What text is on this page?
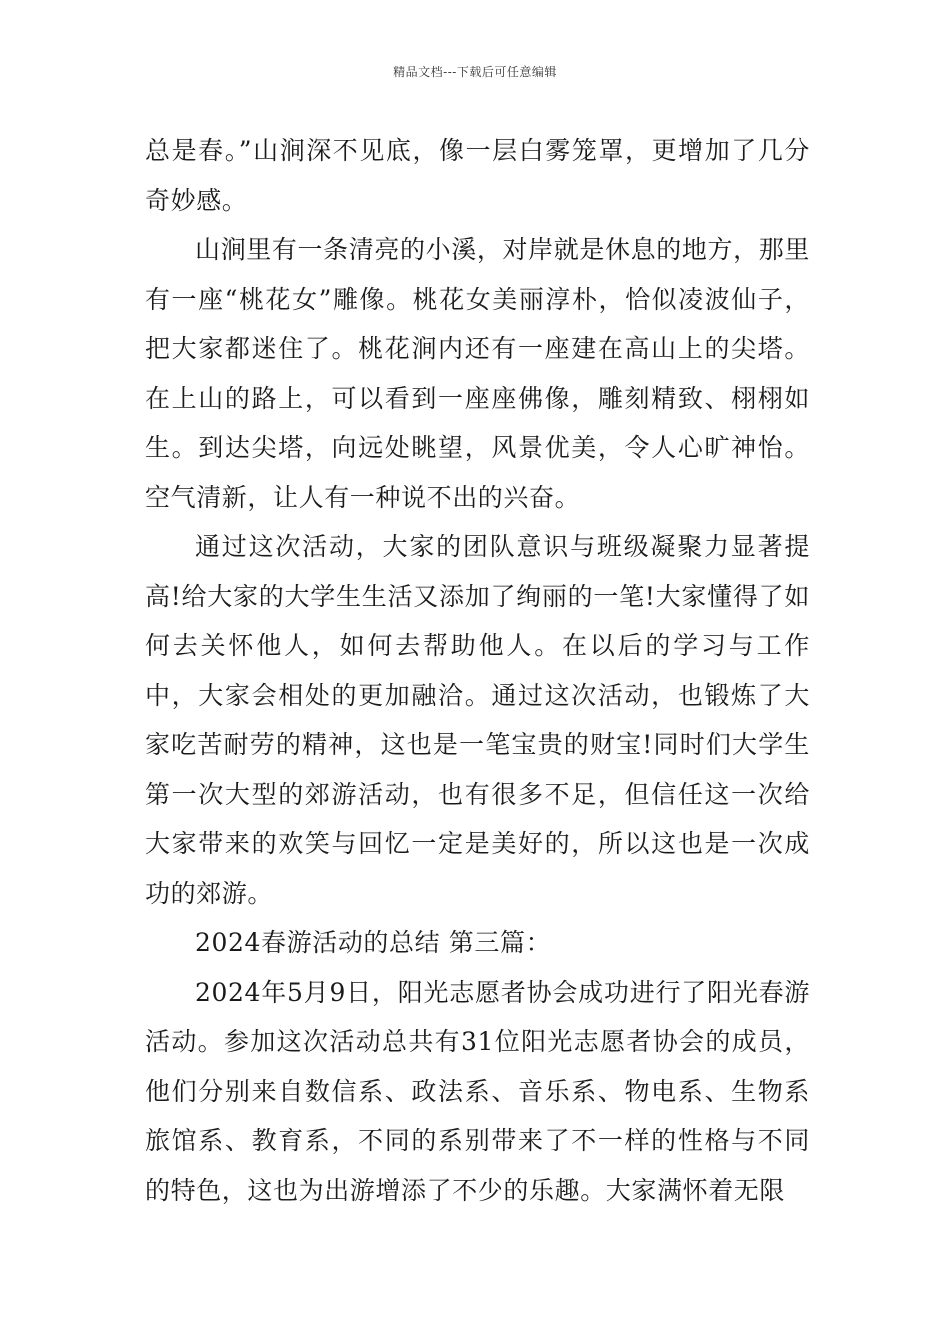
精品文档---下载后可任意编辑

总是春。”山涧深不见底，像一层白雾笼罩，更增加了几分奇妙感。

山涧里有一条清亮的小溪，对岸就是休息的地方，那里有一座“桃花女”雕像。桃花女美丽淳朴，恰似凌波仙子，把大家都迷住了。桃花涧内还有一座建在高山上的尖塔。在上山的路上，可以看到一座座佛像，雕刻精致、栩栩如生。到达尖塔，向远处眺望，风景优美，令人心旷神怡。空气清新，让人有一种说不出的兴奋。

通过这次活动，大家的团队意识与班级凝聚力显著提高!给大家的大学生生活又添加了绚丽的一笔!大家懂得了如何去关怀他人，如何去帮助他人。在以后的学习与工作中，大家会相处的更加融洽。通过这次活动，也锻炼了大家吃苦耐劳的精神，这也是一笔宝贵的财宝!同时们大学生第一次大型的郊游活动，也有很多不足，但信任这一次给大家带来的欢笑与回忆一定是美好的，所以这也是一次成功的郊游。

2024春游活动的总结 第三篇：

2024年5月9日，阳光志愿者协会成功进行了阳光春游活动。参加这次活动总共有31位阳光志愿者协会的成员，他们分别来自数信系、政法系、音乐系、物电系、生物系旅馆系、教育系，不同的系别带来了不一样的性格与不同的特色，这也为出游增添了不少的乐趣。大家满怀着无限
